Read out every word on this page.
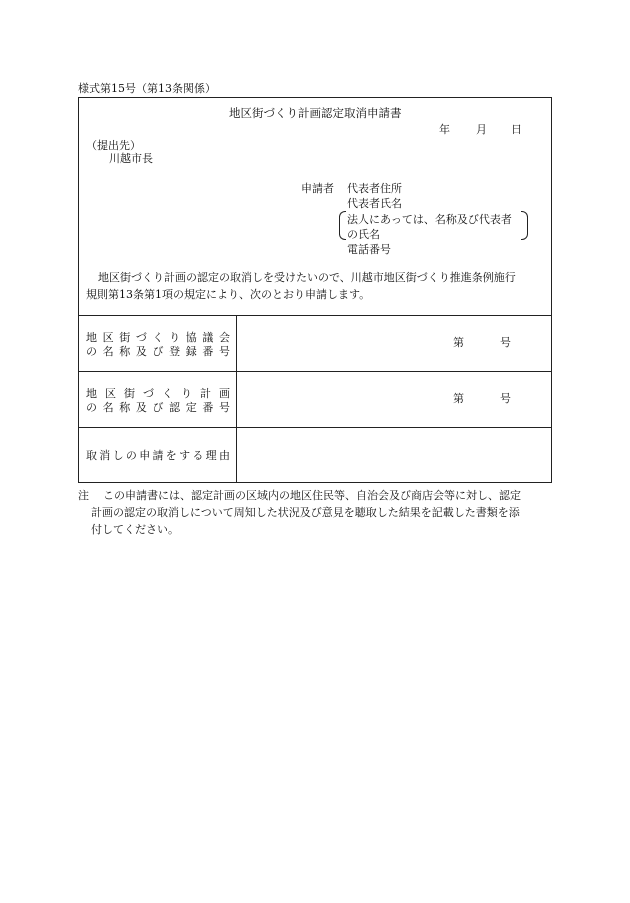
様式第15号（第13条関係）
地区街づくり計画認定取消申請書
年 月 日
（提出先）
川越市長
申請者 代表者住所
代表者氏名
法人にあっては、名称及び代表者
の氏名
電話番号
地区街づくり計画の認定の取消しを受けたいので、川越市地区街づくり推進条例施行
規則第13条第1項の規定により、次のとおり申請します。
地 区 街 づ く り 協 議 会
の 名 称 及 び 登 録 番 号
第	号
地 区 街 づ く り 計 画
の 名 称 及 び 認 定 番 号
第	号
取 消 し の 申 請 を す る 理 由
注 この申請書には、認定計画の区域内の地区住民等、自治会及び商店会等に対し、認定
計画の認定の取消しについて周知した状況及び意見を聴取した結果を記載した書類を添
付してください。
